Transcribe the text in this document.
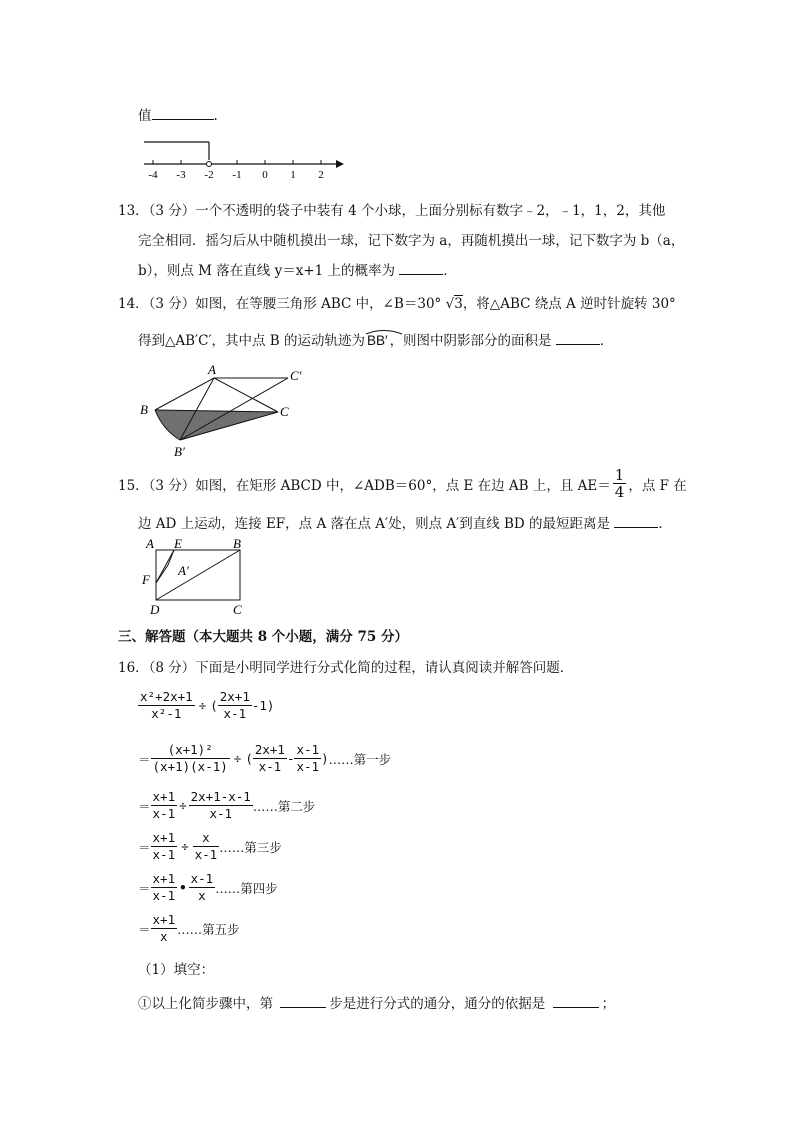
值	.
-4 -3 -2 -1 0 1 2
13．（3 分）一个不透明的袋子中装有 4 个小球，上面分别标有数字﹣2，﹣1，1，2，其他
完全相同．摇匀后从中随机摸出一球，记下数字为 a，再随机摸出一球，记下数字为 b（a，
b），则点 M 落在直线 y＝x+1 上的概率为	．
14．（3 分）如图，在等腰三角形 ABC 中，∠B＝30° √3，将△ABC 绕点 A 逆时针旋转 30°
得到△AB′C′，其中点 B 的运动轨迹为 BB′ ，则图中阴影部分的面积是	．
A
B	C
B′
C′
15．（3 分）如图，在矩形 ABCD 中，∠ADB＝60°，点 E 在边 AB 上，且 $AE= \frac{1}{4}$ ，点 F 在
边 AD 上运动，连接 EF，点 A 落在点 A′处，则点 A′到直线 BD 的最短距离是	．
A E	B
F
A′
D	C
三、解答题（本大题共 8 个小题，满分 75 分）
16．（8 分）下面是小明同学进行分式化简的过程，请认真阅读并解答问题．
$\frac{\text{x²+2x+1}}{\text{x²-1}}$ ÷ ( $\frac{2x+1}{x-1} -1$)
＝ $\frac{\text{(x+1)²}}{(x+1)(x-1)}$ ÷ ( $\frac{2x+1}{x-1} - \frac{x-1}{x-1}$ ) ……第一步
＝ $\frac{x+1}{x-1} \div \frac{2x+1-x-1}{x-1}$ ……第二步
＝ $\frac{x+1}{x-1} \div \frac{x}{x-1}$ ……第三步
＝ $\frac{x+1}{x-1}$ • $\frac{x-1}{x}$ ……第四步
＝ $\frac{x+1}{x}$ ……第五步
（1）填空：
①以上化简步骤中，第	步是进行分式的通分，通分的依据是	；
